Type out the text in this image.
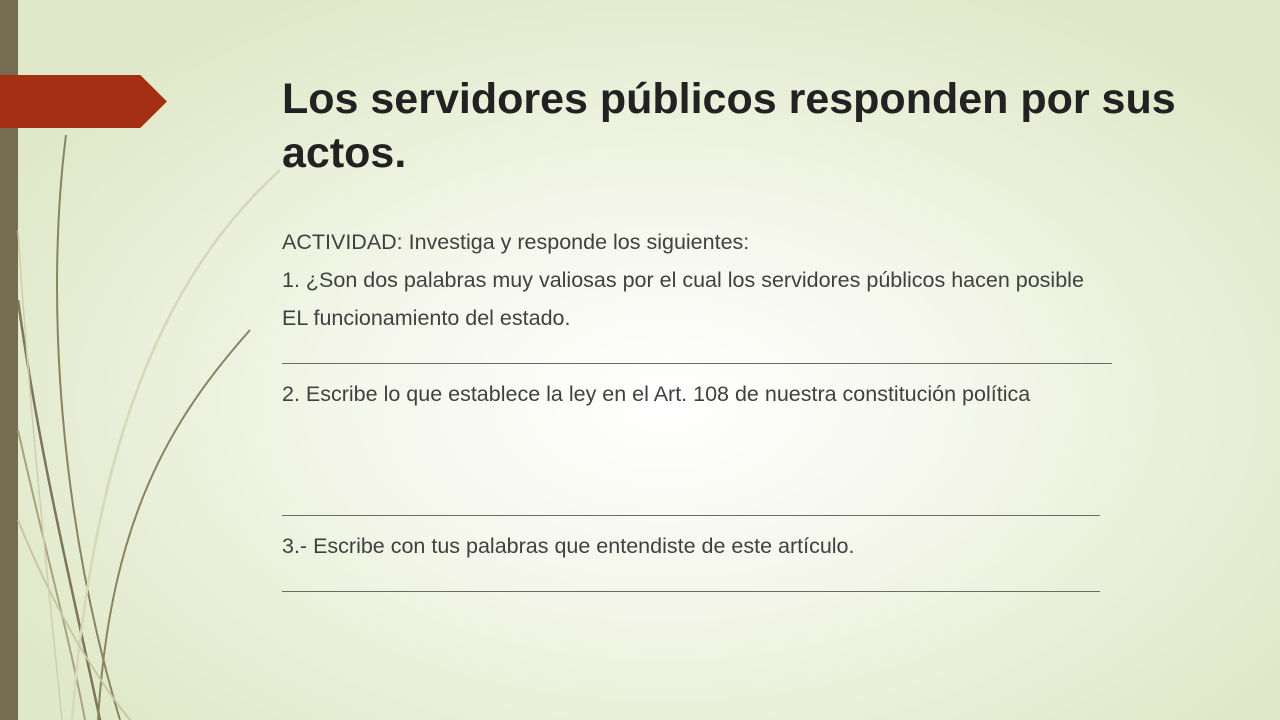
Los servidores públicos responden por sus actos.

ACTIVIDAD: Investiga y responde los siguientes:

1. ¿Son dos palabras muy valiosas por el cual los servidores públicos hacen posible

EL funcionamiento del estado.

2. Escribe lo que establece la ley en el Art. 108 de nuestra constitución política

3.- Escribe con tus palabras que entendiste de este artículo.
